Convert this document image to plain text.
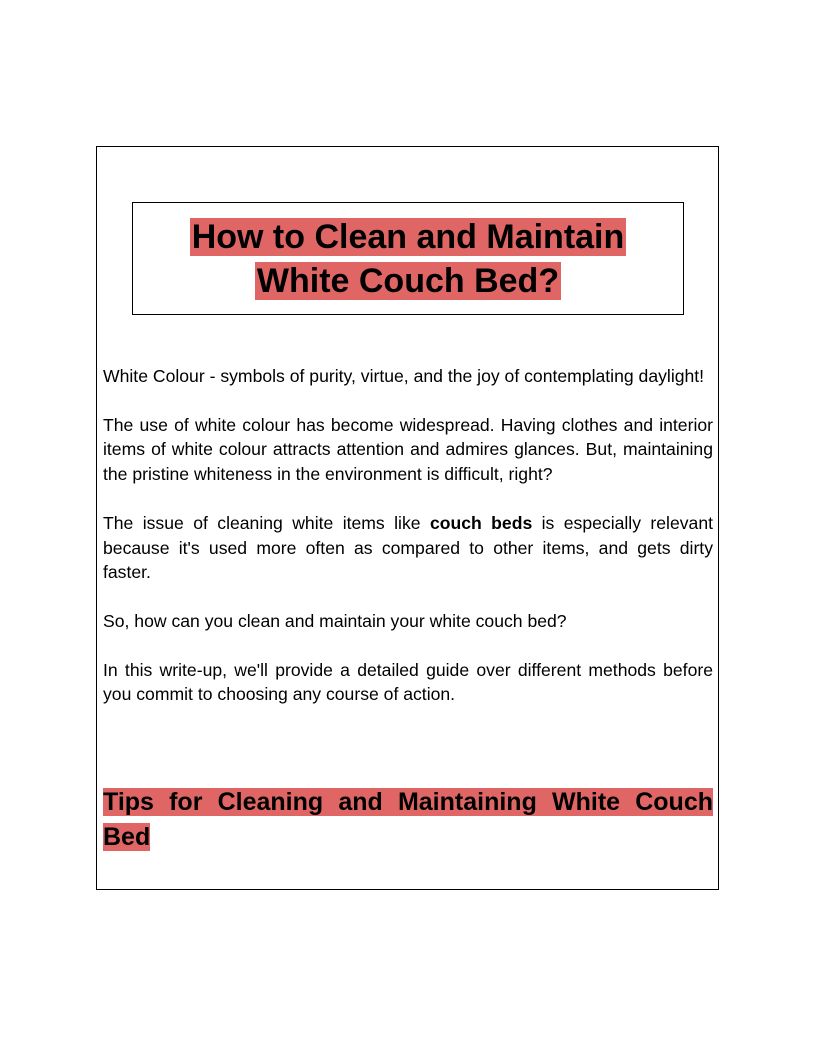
How to Clean and Maintain
White Couch Bed?

White Colour - symbols of purity, virtue, and the joy of contemplating daylight!

The use of white colour has become widespread. Having clothes and interior items of white colour attracts attention and admires glances. But, maintaining the pristine whiteness in the environment is difficult, right?

The issue of cleaning white items like couch beds is especially relevant because it's used more often as compared to other items, and gets dirty faster.

So, how can you clean and maintain your white couch bed?

In this write-up, we'll provide a detailed guide over different methods before you commit to choosing any course of action.

Tips for Cleaning and Maintaining White Couch Bed
